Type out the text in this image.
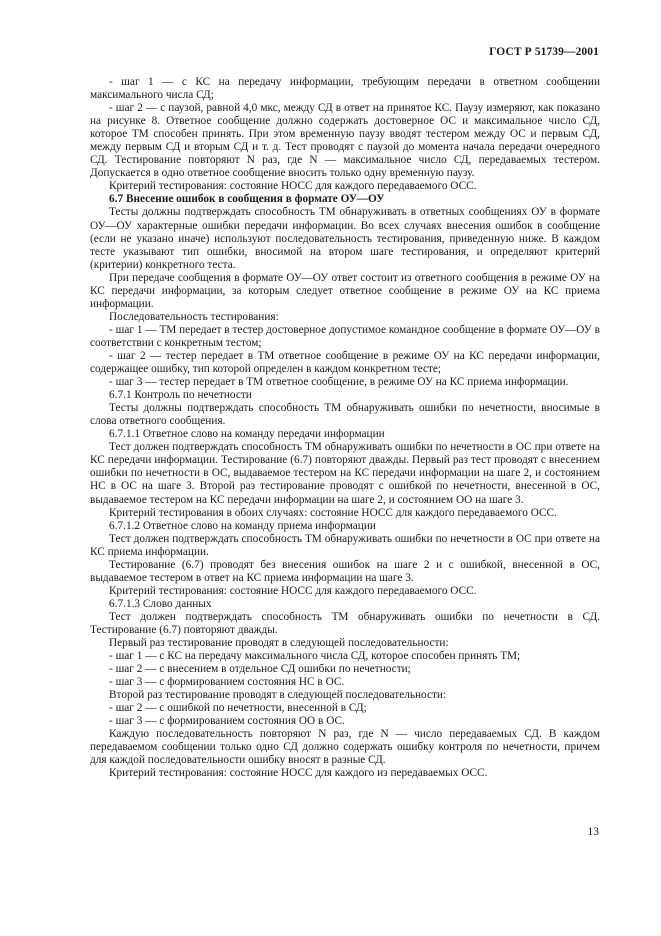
ГОСТ Р 51739—2001

- шаг 1 — с КС на передачу информации, требующим передачи в ответном сообщении максимального числа СД;

- шаг 2 — с паузой, равной 4,0 мкс, между СД в ответ на принятое КС. Паузу измеряют, как показано на рисунке 8. Ответное сообщение должно содержать достоверное ОС и максимальное число СД, которое ТМ способен принять. При этом временную паузу вводят тестером между ОС и первым СД, между первым СД и вторым СД и т. д. Тест проводят с паузой до момента начала передачи очередного СД. Тестирование повторяют N раз, где N — максимальное число СД, передаваемых тестером. Допускается в одно ответное сообщение вносить только одну временную паузу.

Критерий тестирования: состояние НОСС для каждого передаваемого ОСС.

6.7 Внесение ошибок в сообщения в формате ОУ—ОУ

Тесты должны подтверждать способность ТМ обнаруживать в ответных сообщениях ОУ в формате ОУ—ОУ характерные ошибки передачи информации. Во всех случаях внесения ошибок в сообщение (если не указано иначе) используют последовательность тестирования, приведенную ниже. В каждом тесте указывают тип ошибки, вносимой на втором шаге тестирования, и определяют критерий (критерии) конкретного теста.

При передаче сообщения в формате ОУ—ОУ ответ состоит из ответного сообщения в режиме ОУ на КС передачи информации, за которым следует ответное сообщение в режиме ОУ на КС приема информации.

Последовательность тестирования:

- шаг 1 — ТМ передает в тестер достоверное допустимое командное сообщение в формате ОУ—ОУ в соответствии с конкретным тестом;

- шаг 2 — тестер передает в ТМ ответное сообщение в режиме ОУ на КС передачи информации, содержащее ошибку, тип которой определен в каждом конкретном тесте;

- шаг 3 — тестер передает в ТМ ответное сообщение, в режиме ОУ на КС приема информации.

6.7.1 Контроль по нечетности

Тесты должны подтверждать способность ТМ обнаруживать ошибки по нечетности, вносимые в слова ответного сообщения.

6.7.1.1 Ответное слово на команду передачи информации

Тест должен подтверждать способность ТМ обнаруживать ошибки по нечетности в ОС при ответе на КС передачи информации. Тестирование (6.7) повторяют дважды. Первый раз тест проводят с внесением ошибки по нечетности в ОС, выдаваемое тестером на КС передачи информации на шаге 2, и состоянием НС в ОС на шаге 3. Второй раз тестирование проводят с ошибкой по нечетности, внесенной в ОС, выдаваемое тестером на КС передачи информации на шаге 2, и состоянием ОО на шаге 3.

Критерий тестирования в обоих случаях: состояние НОСС для каждого передаваемого ОСС.

6.7.1.2 Ответное слово на команду приема информации

Тест должен подтверждать способность ТМ обнаруживать ошибки по нечетности в ОС при ответе на КС приема информации.

Тестирование (6.7) проводят без внесения ошибок на шаге 2 и с ошибкой, внесенной в ОС, выдаваемое тестером в ответ на КС приема информации на шаге 3.

Критерий тестирования: состояние НОСС для каждого передаваемого ОСС.

6.7.1.3 Слово данных

Тест должен подтверждать способность ТМ обнаруживать ошибки по нечетности в СД. Тестирование (6.7) повторяют дважды.

Первый раз тестирование проводят в следующей последовательности:

- шаг 1 — с КС на передачу максимального числа СД, которое способен принять ТМ;

- шаг 2 — с внесением в отдельное СД ошибки по нечетности;

- шаг 3 — с формированием состояния НС в ОС.

Второй раз тестирование проводят в следующей последовательности:

- шаг 2 — с ошибкой по нечетности, внесенной в СД;

- шаг 3 — с формированием состояния ОО в ОС.

Каждую последовательность повторяют N раз, где N — число передаваемых СД. В каждом передаваемом сообщении только одно СД должно содержать ошибку контроля по нечетности, причем для каждой последовательности ошибку вносят в разные СД.

Критерий тестирования: состояние НОСС для каждого из передаваемых ОСС.

13
